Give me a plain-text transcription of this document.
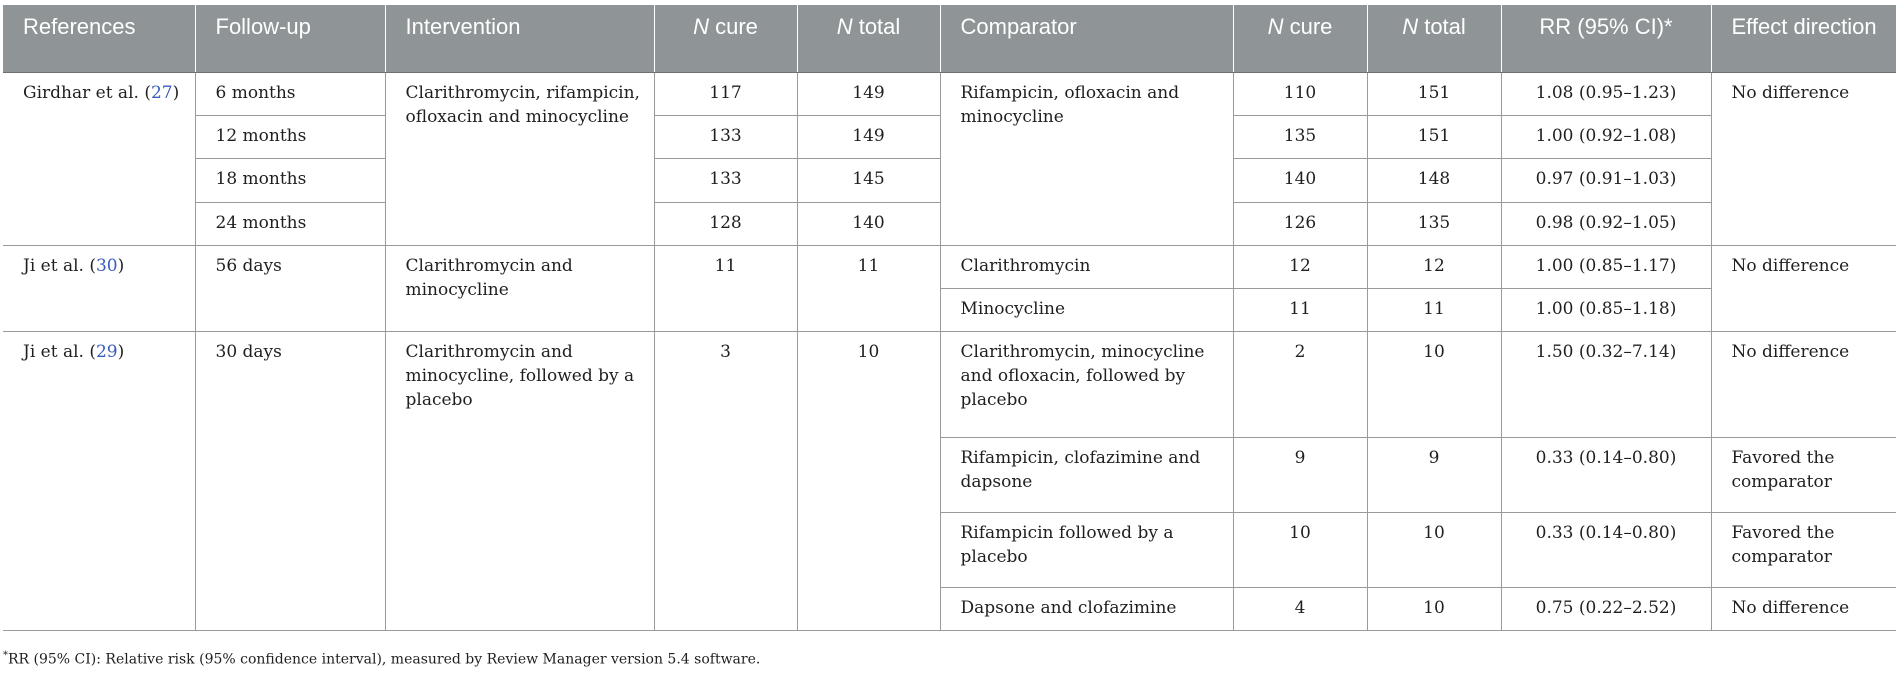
References	Follow-up	Intervention	N cure	N total	Comparator	N cure	N total	RR (95% CI)*	Effect direction
Girdhar et al. (27)	6 months	Clarithromycin, rifampicin, ofloxacin and minocycline	117	149	Rifampicin, ofloxacin and minocycline	110	151	1.08 (0.95–1.23)	No difference
	12 months		133	149		135	151	1.00 (0.92–1.08)	
	18 months		133	145		140	148	0.97 (0.91–1.03)	
	24 months		128	140		126	135	0.98 (0.92–1.05)	
Ji et al. (30)	56 days	Clarithromycin and minocycline	11	11	Clarithromycin	12	12	1.00 (0.85–1.17)	No difference
					Minocycline	11	11	1.00 (0.85–1.18)	
Ji et al. (29)	30 days	Clarithromycin and minocycline, followed by a placebo	3	10	Clarithromycin, minocycline and ofloxacin, followed by placebo	2	10	1.50 (0.32–7.14)	No difference
					Rifampicin, clofazimine and dapsone	9	9	0.33 (0.14–0.80)	Favored the comparator
					Rifampicin followed by a placebo	10	10	0.33 (0.14–0.80)	Favored the comparator
					Dapsone and clofazimine	4	10	0.75 (0.22–2.52)	No difference
*RR (95% CI): Relative risk (95% confidence interval), measured by Review Manager version 5.4 software.
